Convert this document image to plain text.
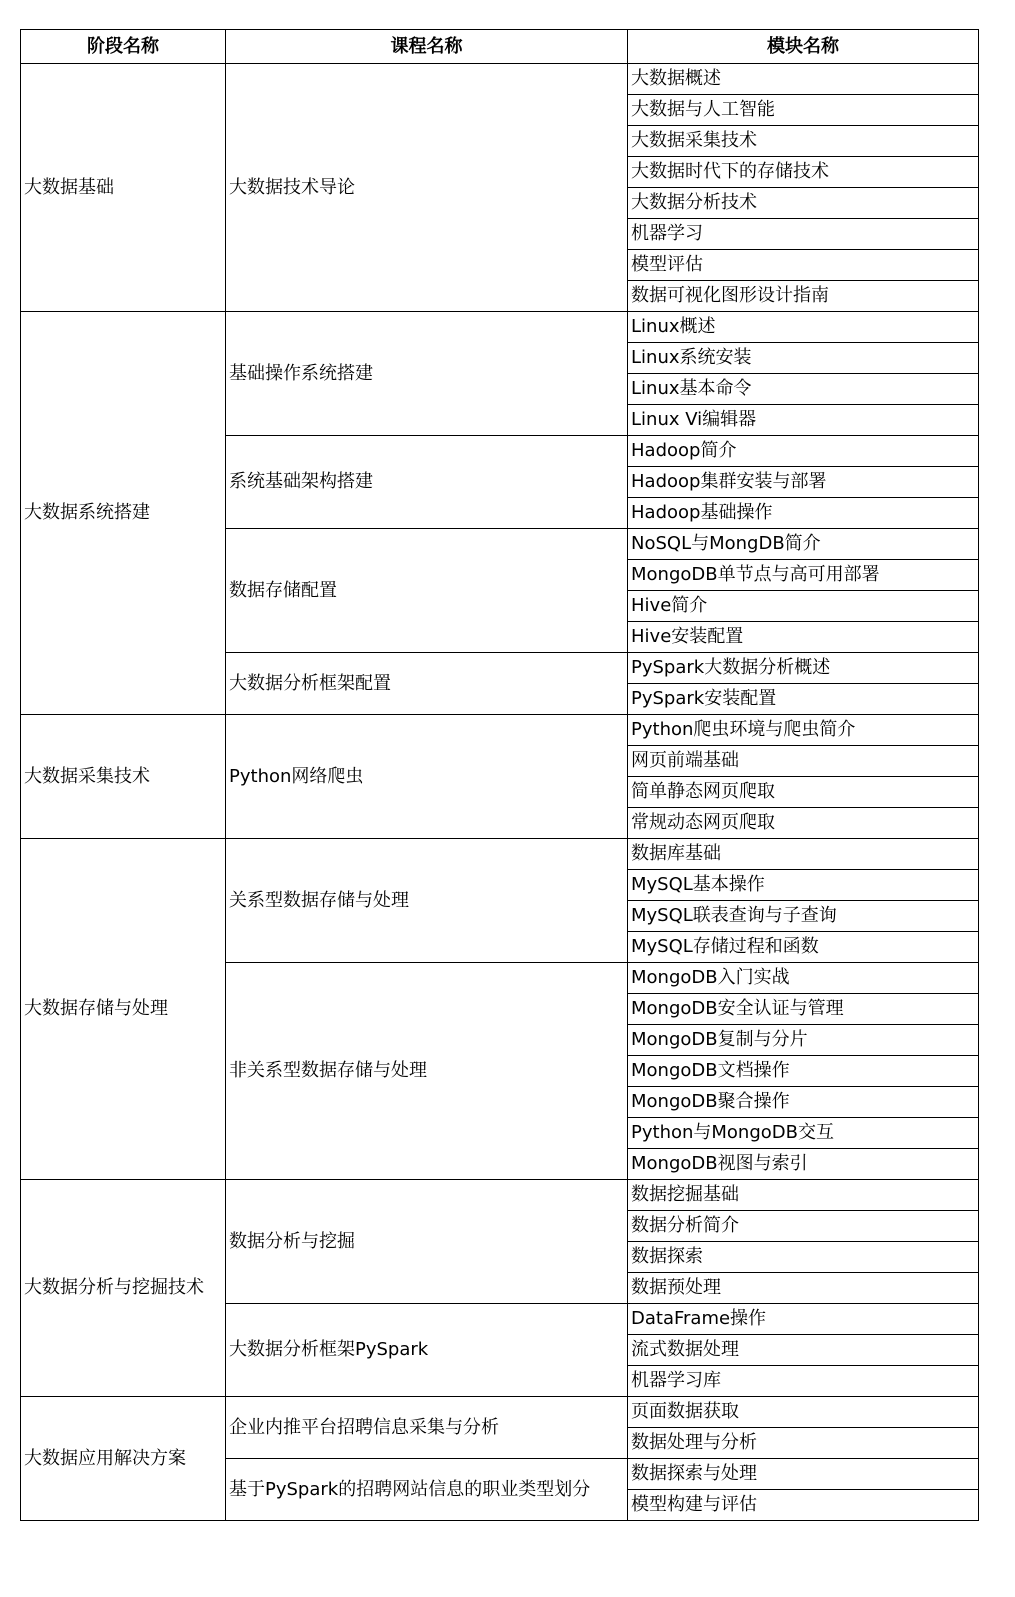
阶段名称	课程名称	模块名称
大数据基础	大数据技术导论	大数据概述
		大数据与人工智能
		大数据采集技术
		大数据时代下的存储技术
		大数据分析技术
		机器学习
		模型评估
		数据可视化图形设计指南
大数据系统搭建	基础操作系统搭建	Linux概述
		Linux系统安装
		Linux基本命令
		Linux Vi编辑器
	系统基础架构搭建	Hadoop简介
		Hadoop集群安装与部署
		Hadoop基础操作
	数据存储配置	NoSQL与MongDB简介
		MongoDB单节点与高可用部署
		Hive简介
		Hive安装配置
	大数据分析框架配置	PySpark大数据分析概述
		PySpark安装配置
大数据采集技术	Python网络爬虫	Python爬虫环境与爬虫简介
		网页前端基础
		简单静态网页爬取
		常规动态网页爬取
大数据存储与处理	关系型数据存储与处理	数据库基础
		MySQL基本操作
		MySQL联表查询与子查询
		MySQL存储过程和函数
	非关系型数据存储与处理	MongoDB入门实战
		MongoDB安全认证与管理
		MongoDB复制与分片
		MongoDB文档操作
		MongoDB聚合操作
		Python与MongoDB交互
		MongoDB视图与索引
大数据分析与挖掘技术	数据分析与挖掘	数据挖掘基础
		数据分析简介
		数据探索
		数据预处理
	大数据分析框架PySpark	DataFrame操作
		流式数据处理
		机器学习库
大数据应用解决方案	企业内推平台招聘信息采集与分析	页面数据获取
		数据处理与分析
	基于PySpark的招聘网站信息的职业类型划分	数据探索与处理
		模型构建与评估
